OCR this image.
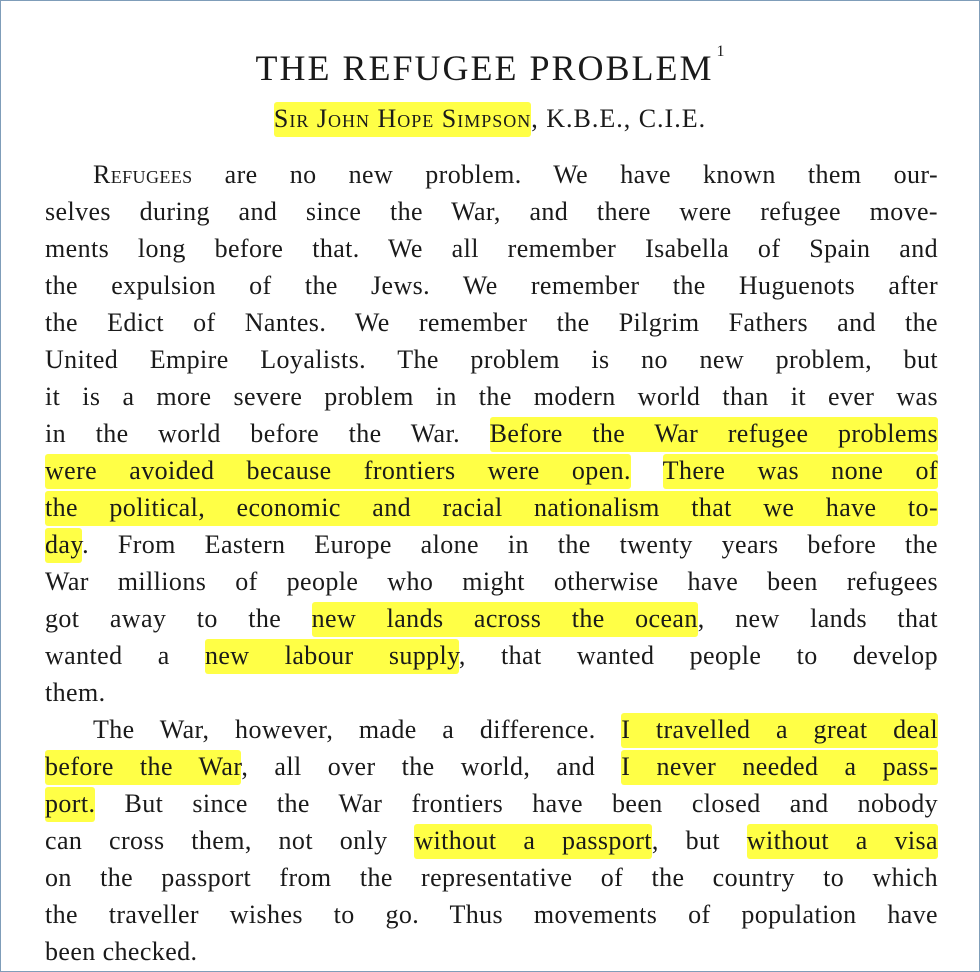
THE REFUGEE PROBLEM $^1$
Sir John Hope Simpson, K.B.E., C.I.E.
Refugees are no new problem. We have known them our-
selves during and since the War, and there were refugee move-
ments long before that. We all remember Isabella of Spain and
the expulsion of the Jews. We remember the Huguenots after
the Edict of Nantes. We remember the Pilgrim Fathers and the
United Empire Loyalists. The problem is no new problem, but
it is a more severe problem in the modern world than it ever was
in the world before the War. Before the War refugee problems
were avoided because frontiers were open. There was none of
the political, economic and racial nationalism that we have to-
day. From Eastern Europe alone in the twenty years before the
War millions of people who might otherwise have been refugees
got away to the new lands across the ocean, new lands that
wanted a new labour supply, that wanted people to develop
them.
The War, however, made a difference. I travelled a great deal
before the War, all over the world, and I never needed a pass-
port. But since the War frontiers have been closed and nobody
can cross them, not only without a passport, but without a visa
on the passport from the representative of the country to which
the traveller wishes to go. Thus movements of population have
been checked.
